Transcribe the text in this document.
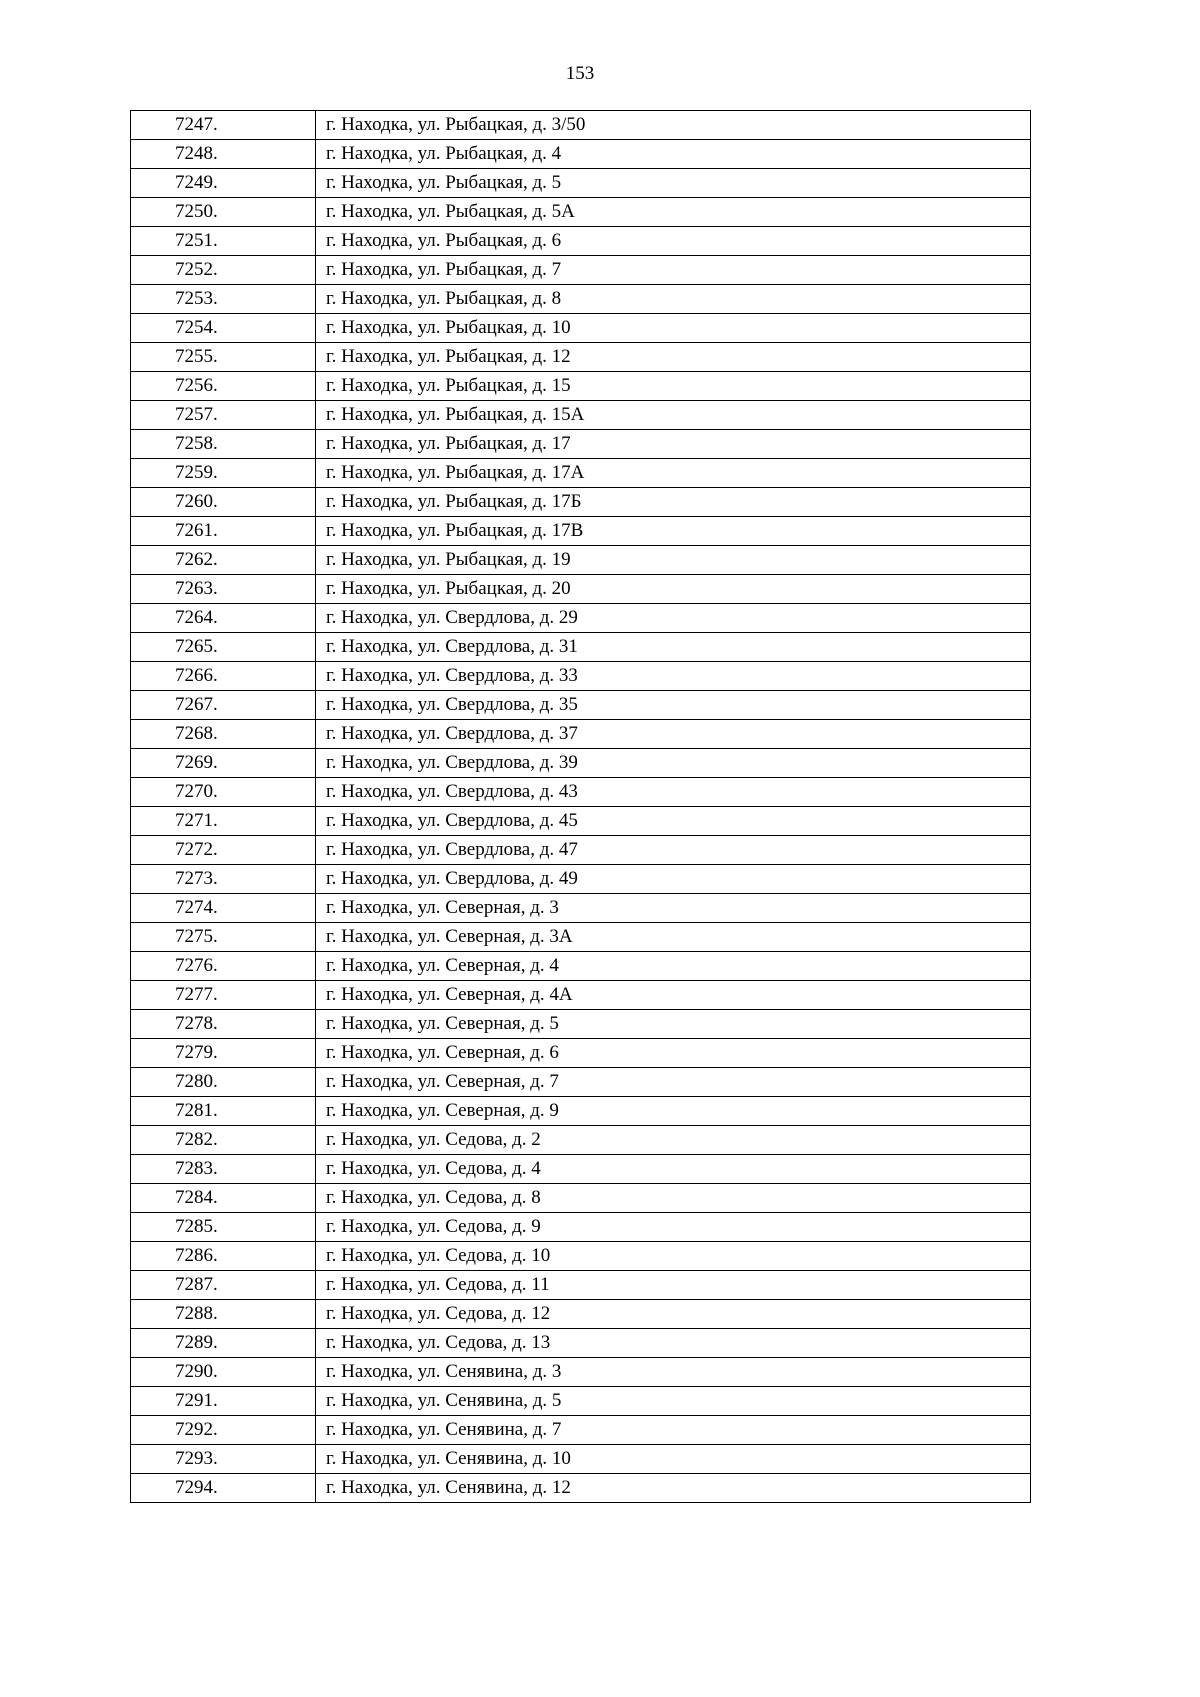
153
7247.	г. Находка, ул. Рыбацкая, д. 3/50
7248.	г. Находка, ул. Рыбацкая, д. 4
7249.	г. Находка, ул. Рыбацкая, д. 5
7250.	г. Находка, ул. Рыбацкая, д. 5А
7251.	г. Находка, ул. Рыбацкая, д. 6
7252.	г. Находка, ул. Рыбацкая, д. 7
7253.	г. Находка, ул. Рыбацкая, д. 8
7254.	г. Находка, ул. Рыбацкая, д. 10
7255.	г. Находка, ул. Рыбацкая, д. 12
7256.	г. Находка, ул. Рыбацкая, д. 15
7257.	г. Находка, ул. Рыбацкая, д. 15А
7258.	г. Находка, ул. Рыбацкая, д. 17
7259.	г. Находка, ул. Рыбацкая, д. 17А
7260.	г. Находка, ул. Рыбацкая, д. 17Б
7261.	г. Находка, ул. Рыбацкая, д. 17В
7262.	г. Находка, ул. Рыбацкая, д. 19
7263.	г. Находка, ул. Рыбацкая, д. 20
7264.	г. Находка, ул. Свердлова, д. 29
7265.	г. Находка, ул. Свердлова, д. 31
7266.	г. Находка, ул. Свердлова, д. 33
7267.	г. Находка, ул. Свердлова, д. 35
7268.	г. Находка, ул. Свердлова, д. 37
7269.	г. Находка, ул. Свердлова, д. 39
7270.	г. Находка, ул. Свердлова, д. 43
7271.	г. Находка, ул. Свердлова, д. 45
7272.	г. Находка, ул. Свердлова, д. 47
7273.	г. Находка, ул. Свердлова, д. 49
7274.	г. Находка, ул. Северная, д. 3
7275.	г. Находка, ул. Северная, д. 3А
7276.	г. Находка, ул. Северная, д. 4
7277.	г. Находка, ул. Северная, д. 4А
7278.	г. Находка, ул. Северная, д. 5
7279.	г. Находка, ул. Северная, д. 6
7280.	г. Находка, ул. Северная, д. 7
7281.	г. Находка, ул. Северная, д. 9
7282.	г. Находка, ул. Седова, д. 2
7283.	г. Находка, ул. Седова, д. 4
7284.	г. Находка, ул. Седова, д. 8
7285.	г. Находка, ул. Седова, д. 9
7286.	г. Находка, ул. Седова, д. 10
7287.	г. Находка, ул. Седова, д. 11
7288.	г. Находка, ул. Седова, д. 12
7289.	г. Находка, ул. Седова, д. 13
7290.	г. Находка, ул. Сенявина, д. 3
7291.	г. Находка, ул. Сенявина, д. 5
7292.	г. Находка, ул. Сенявина, д. 7
7293.	г. Находка, ул. Сенявина, д. 10
7294.	г. Находка, ул. Сенявина, д. 12
